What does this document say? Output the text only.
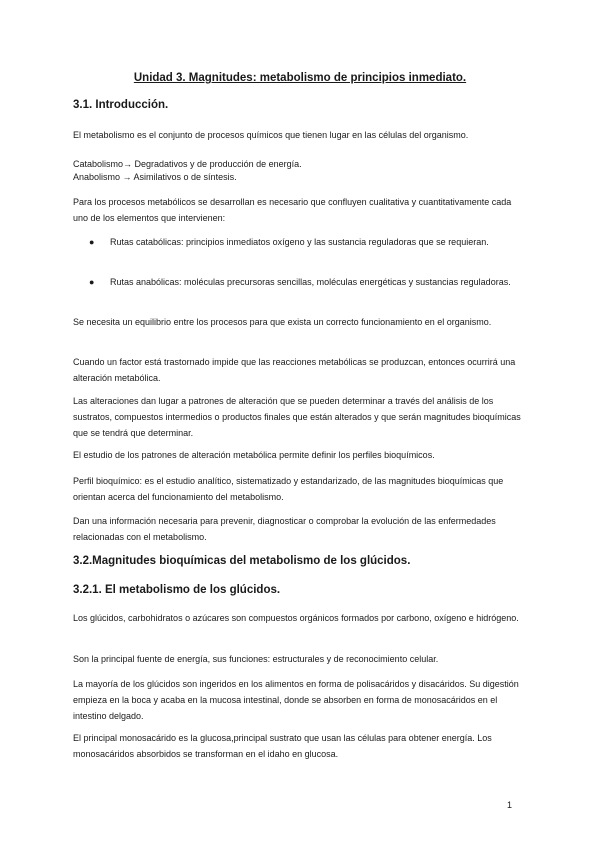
Unidad 3. Magnitudes: metabolismo de principios inmediato.
3.1. Introducción.

El metabolismo es el conjunto de procesos químicos que tienen lugar en las células del organismo.

Catabolismo→ Degradativos y de producción de energía.

Anabolismo → Asimilativos o de síntesis.

Para los procesos metabólicos se desarrollan es necesario que confluyen cualitativa y cuantitativamente cada uno de los elementos que intervienen:

● Rutas catabólicas: principios inmediatos oxígeno y las sustancia reguladoras que se requieran.

● Rutas anabólicas: moléculas precursoras sencillas, moléculas energéticas y sustancias reguladoras.

Se necesita un equilibrio entre los procesos para que exista un correcto funcionamiento en el organismo.

Cuando un factor está trastornado impide que las reacciones metabólicas se produzcan, entonces ocurrirá una alteración metabólica.

Las alteraciones dan lugar a patrones de alteración que se pueden determinar a través del análisis de los sustratos, compuestos intermedios o productos finales que están alterados y que serán magnitudes bioquímicas que se tendrá que determinar.

El estudio de los patrones de alteración metabólica permite definir los perfiles bioquímicos.

Perfil bioquímico: es el estudio analítico, sistematizado y estandarizado, de las magnitudes bioquímicas que orientan acerca del funcionamiento del metabolismo.

Dan una información necesaria para prevenir, diagnosticar o comprobar la evolución de las enfermedades relacionadas con el metabolismo.

3.2.Magnitudes bioquímicas del metabolismo de los glúcidos.
3.2.1. El metabolismo de los glúcidos.

Los glúcidos, carbohidratos o azúcares son compuestos orgánicos formados por carbono, oxígeno e hidrógeno.

Son la principal fuente de energía, sus funciones: estructurales y de reconocimiento celular.

La mayoría de los glúcidos son ingeridos en los alimentos en forma de polisacáridos y disacáridos. Su digestión empieza en la boca y acaba en la mucosa intestinal, donde se absorben en forma de monosacáridos en el intestino delgado.

El principal monosacárido es la glucosa,principal sustrato que usan las células para obtener energía. Los monosacáridos absorbidos se transforman en el idaho en glucosa.

1
